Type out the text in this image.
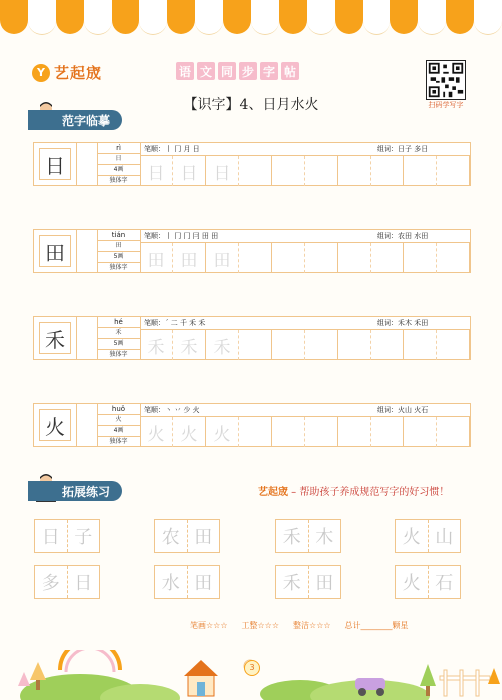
Y 艺起宬	语 文 同 步 字 帖
扫码学写字
【识字】4、日月水火
范字临摹
日
rì
日
4画
独体字
笔顺：丨 冂 月 日	组词：日子 多日
日 日 日
田
tián
田
5画
独体字
笔顺：丨 冂 冂 冃 田 田	组词：农田 水田
田 田 田
禾
hé
禾
5画
独体字
笔顺：ˊ 二 千 禾 禾	组词：禾木 禾田
禾 禾 禾
火
huǒ
火
4画
独体字
笔顺：丶 丷 少 火	组词：火山 火石
火 火 火
拓展练习	艺起宬 – 帮助孩子养成规范写字的好习惯！
日 子	农 田	禾 木	火 山
多 日	水 田	禾 田	火 石
笔画☆☆☆ 工整☆☆☆ 整洁☆☆☆ 总计________颗星
3
